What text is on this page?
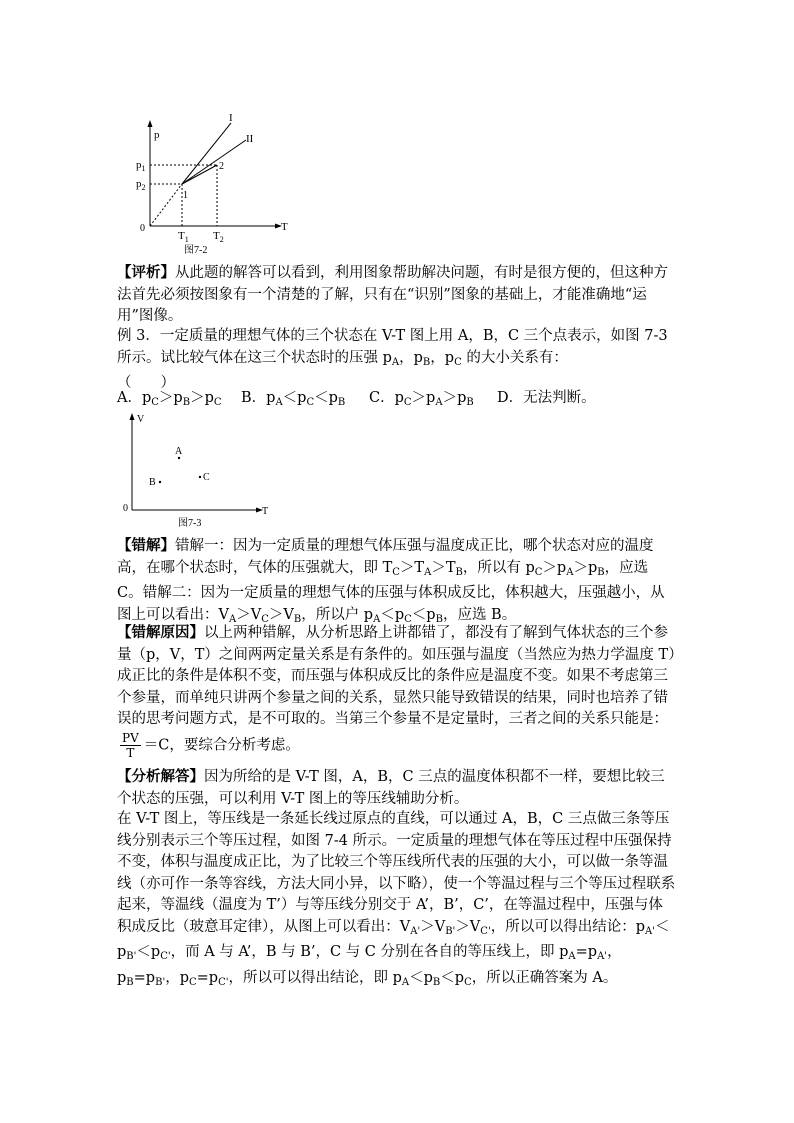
p
T
0
I
II
$p_1$
$p_2$
$T_1$ $T_2$
1
2
图7-2

【评析】从此题的解答可以看到，利用图象帮助解决问题，有时是很方便的，但这种方法首先必须按图象有一个清楚的了解，只有在“识别”图象的基础上，才能准确地“运用”图像。

例 3．一定质量的理想气体的三个状态在 V-T 图上用 A，B，C 三个点表示，如图 7-3 所示。试比较气体在这三个状态时的压强 $p_A$，$p_B$，$p_C$ 的大小关系有：
（　　）

A．$p_C>p_B>p_C$ B．$p_A<p_C<p_B$ C．$p_C>p_A>p_B$ D．无法判断。
V
T
0
A
B	C
图7-3

【错解】错解一：因为一定质量的理想气体压强与温度成正比，哪个状态对应的温度高，在哪个状态时，气体的压强就大，即 $T_C>T_A>T_B$，所以有 $p_C>p_A>p_B$，应选 C。错解二：因为一定质量的理想气体的压强与体积成反比，体积越大，压强越小，从图上可以看出：$V_A>V_C>V_B$，所以户 $p_A<p_C<p_B$，应选 B。

【错解原因】以上两种错解，从分析思路上讲都错了，都没有了解到气体状态的三个参量（p，V，T）之间两两定量关系是有条件的。如压强与温度（当然应为热力学温度 T）成正比的条件是体积不变，而压强与体积成反比的条件应是温度不变。如果不考虑第三个参量，而单纯只讲两个参量之间的关系，显然只能导致错误的结果，同时也培养了错误的思考问题方式，是不可取的。当第三个参量不是定量时，三者之间的关系只能是：
$\frac{PV}{T} =C$，要综合分析考虑。

【分析解答】因为所给的是 V-T 图，A，B，C 三点的温度体积都不一样，要想比较三个状态的压强，可以利用 V-T 图上的等压线辅助分析。

在 V-T 图上，等压线是一条延长线过原点的直线，可以通过 A，B，C 三点做三条等压线分别表示三个等压过程，如图 7-4 所示。一定质量的理想气体在等压过程中压强保持不变，体积与温度成正比，为了比较三个等压线所代表的压强的大小，可以做一条等温线（亦可作一条等容线，方法大同小异，以下略），使一个等温过程与三个等压过程联系起来，等温线（温度为 T’）与等压线分别交于 A’，B’，C’，在等温过程中，压强与体积成反比（玻意耳定律），从图上可以看出：$V_{A'}>V_{B'}>V_{C'}$，所以可以得出结论：$p_{A'}<p_{B'}<p_{C'}$，而 A 与 A’，B 与 B’，C 与 C 分别在各自的等压线上，即 $p_A=p_{A'}$，$p_B=p_{B'}$，$p_C=p_{C'}$，所以可以得出结论，即 $p_A<p_B<p_C$，所以正确答案为 A。
